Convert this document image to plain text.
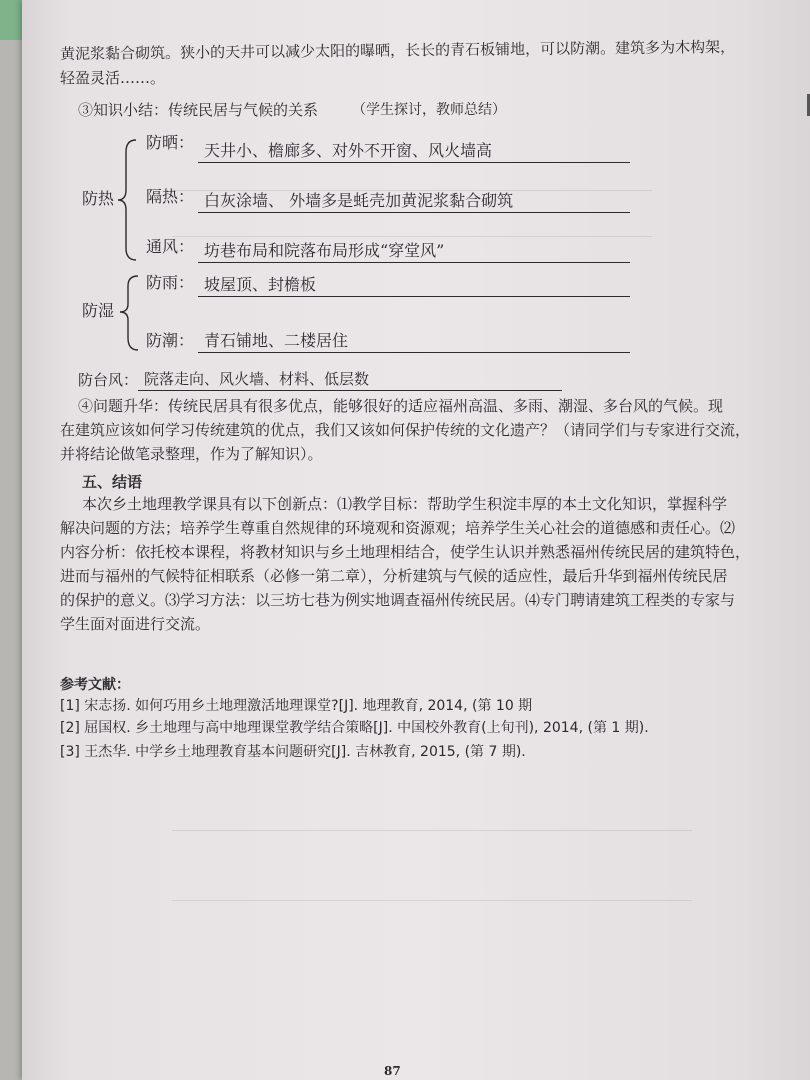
黄泥浆黏合砌筑。狭小的天井可以减少太阳的曝晒，长长的青石板铺地，可以防潮。建筑多为木构架，
轻盈灵活……。
③知识小结：传统民居与气候的关系 （学生探讨，教师总结）
防热
防晒： 天井小、檐廊多、对外不开窗、风火墙高
隔热： 白灰涂墙、 外墙多是蚝壳加黄泥浆黏合砌筑
通风： 坊巷布局和院落布局形成“穿堂风”
防湿
防雨： 坡屋顶、封檐板
防潮： 青石铺地、二楼居住
防台风： 院落走向、风火墙、材料、低层数
④问题升华：传统民居具有很多优点，能够很好的适应福州高温、多雨、潮湿、多台风的气候。现
在建筑应该如何学习传统建筑的优点，我们又该如何保护传统的文化遗产？（请同学们与专家进行交流，
并将结论做笔录整理，作为了解知识）。
五、结语
本次乡土地理教学课具有以下创新点：⑴教学目标：帮助学生积淀丰厚的本土文化知识，掌握科学
解决问题的方法；培养学生尊重自然规律的环境观和资源观；培养学生关心社会的道德感和责任心。⑵
内容分析：依托校本课程，将教材知识与乡土地理相结合，使学生认识并熟悉福州传统民居的建筑特色，
进而与福州的气候特征相联系（必修一第二章），分析建筑与气候的适应性，最后升华到福州传统民居
的保护的意义。⑶学习方法：以三坊七巷为例实地调查福州传统民居。⑷专门聘请建筑工程类的专家与
学生面对面进行交流。
参考文献：
[1] 宋志扬. 如何巧用乡土地理激活地理课堂?[J]. 地理教育, 2014, (第 10 期
[2] 屈国权. 乡土地理与高中地理课堂教学结合策略[J]. 中国校外教育(上旬刊), 2014, (第 1 期).
[3] 王杰华. 中学乡土地理教育基本问题研究[J]. 吉林教育, 2015, (第 7 期).
87
